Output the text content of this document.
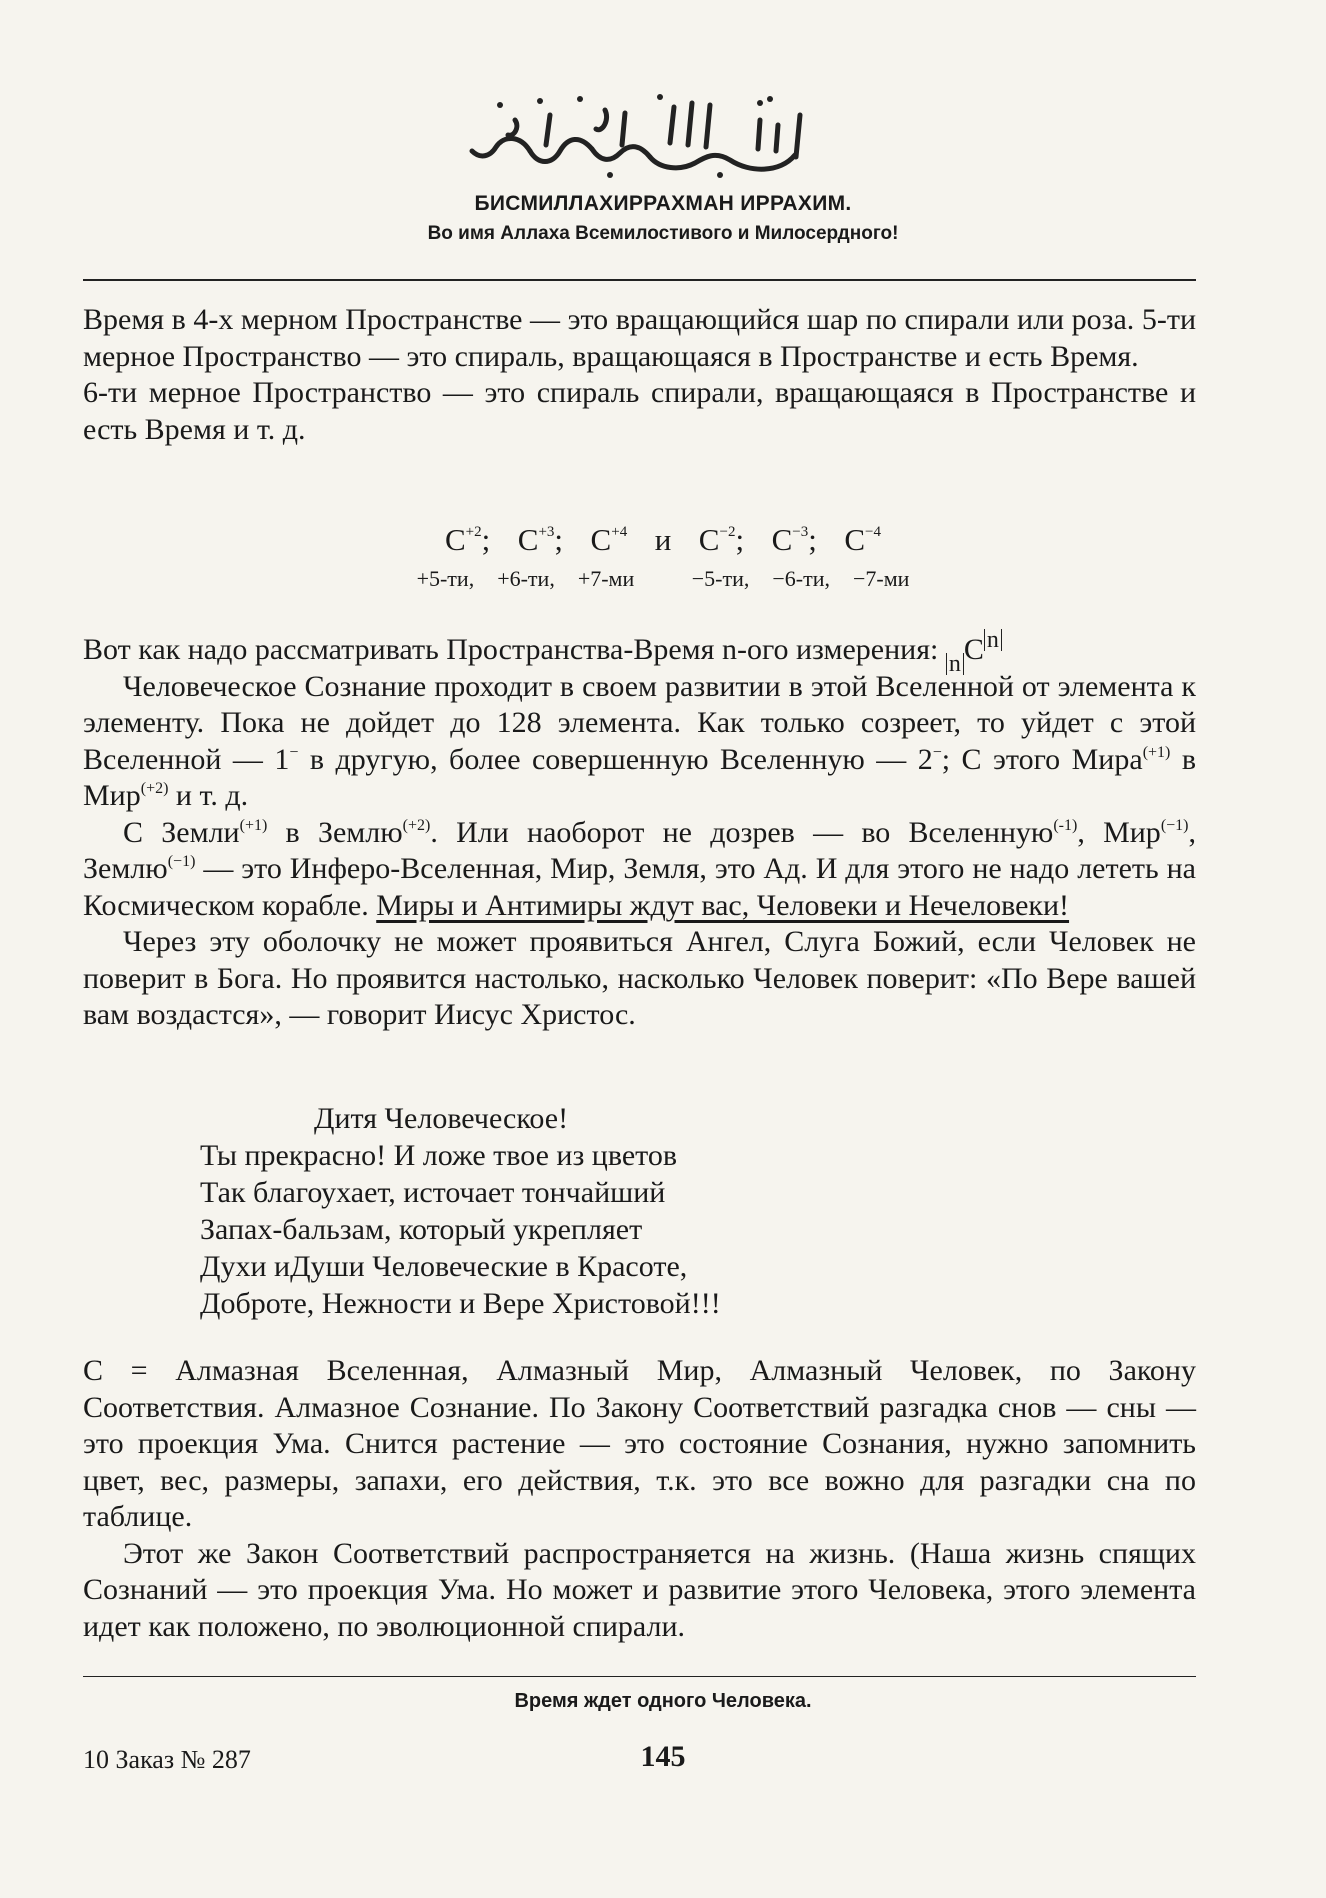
БИСМИЛЛАХИРРАХМАН ИРРАХИМ.
Во имя Аллаха Всемилостивого и Милосердного!

Время в 4-х мерном Пространстве — это вращающийся шар по спирали или роза. 5-ти мерное Пространство — это спираль, вращающаяся в Пространстве и есть Время.

6-ти мерное Пространство — это спираль спирали, вращающаяся в Пространстве и есть Время и т. д.

$С^{+2}$;  $С^{+3}$;  $С^{+4}$ и $С^{-2}$;  $С^{-3}$;  $С^{-4}$
+5-ти,  +6-ти,  +7-ми     −5-ти,  −6-ти,  −7-ми

Вот как надо рассматривать Пространства-Время n-ого измерения: n С n

Человеческое Сознание проходит в своем развитии в этой Вселенной от элемента к элементу. Пока не дойдет до 128 элемента. Как только созреет, то уйдет с этой Вселенной — 1− в другую, более совершенную Вселенную — 2−; С этого Мира$^{(+1)}$ в Мир$^{(+2)}$ и т. д.

С Земли$^{(+1)}$ в Землю$^{(+2)}$. Или наоборот не дозрев — во Вселенную$^{(-1)}$, Мир$^{(-1)}$, Землю$^{(-1)}$ — это Инферо-Вселенная, Мир, Земля, это Ад. И для этого не надо лететь на Космическом корабле. Миры и Антимиры ждут вас, Человеки и Нечеловеки!

Через эту оболочку не может проявиться Ангел, Слуга Божий, если Человек не поверит в Бога. Но проявится настолько, насколько Человек поверит: «По Вере вашей вам воздастся», — говорит Иисус Христос.

Дитя Человеческое!
Ты прекрасно! И ложе твое из цветов
Так благоухает, источает тончайший
Запах-бальзам, который укрепляет
Духи иДуши Человеческие в Красоте,
Доброте, Нежности и Вере Христовой!!!

С = Алмазная Вселенная, Алмазный Мир, Алмазный Человек, по Закону Соответствия. Алмазное Сознание. По Закону Соответствий разгадка снов — сны — это проекция Ума. Снится растение — это состояние Сознания, нужно запомнить цвет, вес, размеры, запахи, его действия, т.к. это все вожно для разгадки сна по таблице.

Этот же Закон Соответствий распространяется на жизнь. (Наша жизнь спящих Сознаний — это проекция Ума. Но может и развитие этого Человека, этого элемента идет как положено, по эволюционной спирали.

Время ждет одного Человека.
10 Заказ № 287	145
